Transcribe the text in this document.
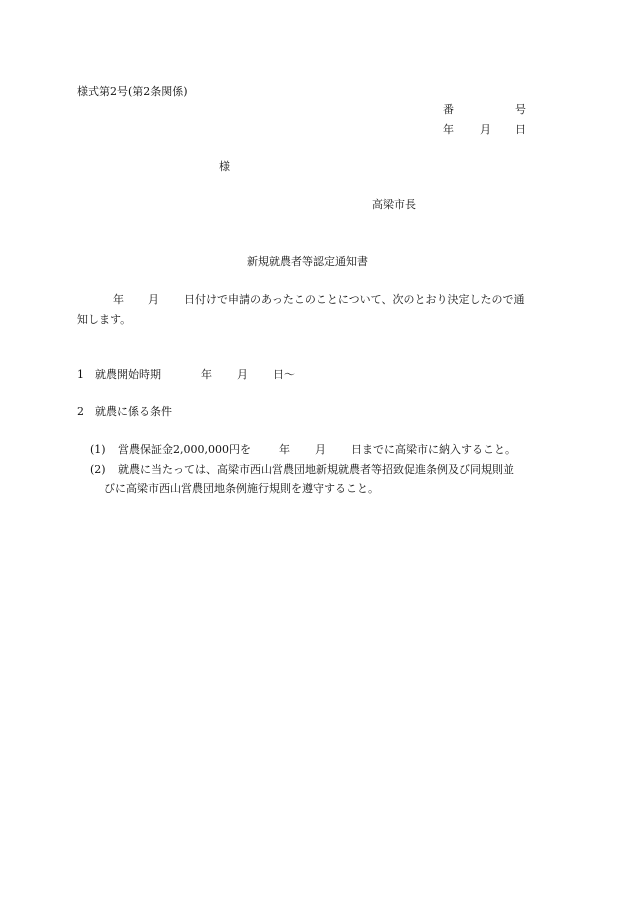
様式第2号(第2条関係)
番	号
年 月 日
様
高梁市長
新規就農者等認定通知書
年 月 日付けで申請のあったこのことについて、次のとおり決定したので通
知します。
1 就農開始時期	年 月 日〜
2 就農に係る条件
(1) 営農保証金2,000,000円を	年 月 日までに高梁市に納入すること。
(2) 就農に当たっては、高梁市西山営農団地新規就農者等招致促進条例及び同規則並
びに高梁市西山営農団地条例施行規則を遵守すること。
